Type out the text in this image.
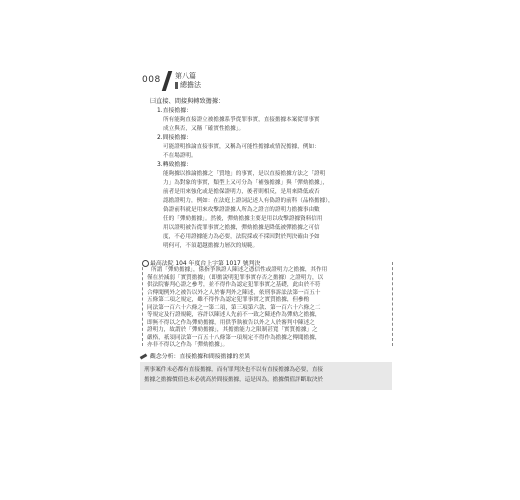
008 第八篇
總擔法
㈢直接、間接與轉致擔據：
1.直接擔據：
所有能夠直接證立被擔據系爭從罪事實，直接擔據本案從罪事實
成立與否，又稱「確實性擔據」。
2.間接擔據：
可能證明推論直接事實，又稱為可能性擔據或情況擔據，例如：
不在場證明。
3.轉致擔據：
能夠據以推論擔據之「質地」的事實，是以直接擔據方法之「證明
力」為對象的事實，類型上又可分為「補強擔據」與「彈劾擔據」，
前者是用來強化或是擔保證明力，後者則相反，是用來降低或否
認擔證明力，例如：在法庭上證詞記述人有偽證的前科（品格擔據），
偽證前科就是用來攻擊證證據人所為之證言的證明力擔據事由數
任的「彈劾擔據」。然後，彈劾擔據主要是用以攻擊證據資料信用
用以證明被告從罪事實之擔據，彈劾擔據是降低被彈擔據之可信
度，不必用證據能力為必要，法院採或不採因對於判決確由予如
明何可，不須超越擔據力層次的規範。
最高法院 104 年度台上字第 1017 號判決
所謂「彈劾擔據」，係指爭執證人陳述之憑信性或證明力之擔據，其作用
僅在於減弱「實質擔據」（即擔說明犯罪事實存否之擔據）之證明力，以
供法院審判心證之參考，並不得作為認定犯罪事實之基礎，此由於不符
合傳聞例外之被告以外之人於審判外之陳述，依刑事訴訟法第一百五十
五條第二項之規定，雖不得作為認定犯罪事實之實質擔據，但參酌
同法第一百六十六條之一第二項，第三項第六款、第一百六十六條之二
等規定及行證規範，容許以陳述人先前不一致之陳述作為彈劾之擔據，
即無不得以之作為彈劾擔據，用供爭執被告以外之人於審判中陳述之
證明力，故謂於「彈劾擔據」，其擔擔能力之限制甚寬「實質擔據」之
嚴格，祇須同法第一百五十八條第一項規定不得作為擔據之傳聞擔據，
亦非不得以之作為「彈劾擔據」。
觀念分析：直接擔據和間接擔據的差異
刑事案件未必都有直接擔據，而有罪判決也不以有直接擔據為必要，直接
擔據之擔據價值也未必就高於間接擔據，這是因為，擔據價值評斷取決於
